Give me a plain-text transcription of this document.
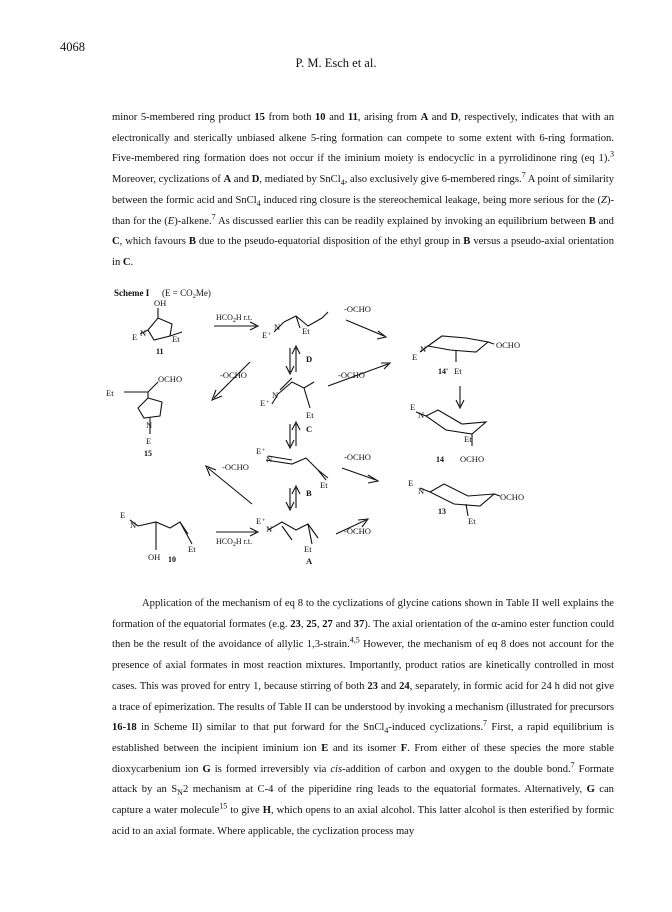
4068
P. M. Esch et al.

minor 5-membered ring product 15 from both 10 and 11, arising from A and D, respectively, indicates that with an electronically and sterically unbiased alkene 5-ring formation can compete to some extent with 6-ring formation. Five-membered ring formation does not occur if the iminium moiety is endocyclic in a pyrrolidinone ring (eq 1).$^3$ Moreover, cyclizations of A and D, mediated by SnCl$_4$, also exclusively give 6-membered rings.$^7$ A point of similarity between the formic acid and SnCl$_4$ induced ring closure is the stereochemical leakage, being more serious for the (Z)- than for the (E)-alkene.$^7$ As discussed earlier this can be readily explained by invoking an equilibrium between B and C, which favours B due to the pseudo-equatorial disposition of the ethyl group in B versus a pseudo-axial orientation in C.

Scheme I $(E = CO_2Me)$
OH
E N
Et
11
$HCO_2H$ r.t.
E +
N	Et
D
-OCHO
E
N	OCHO
14' Et
-OCHO
OCHO
Et
N
E
15
E +
N
Et
C
-OCHO
E
N
Et
OCHO
14
E +
N
Et
B
-OCHO
-OCHO
E
N
OCHO
Et
13
E
N
OH
Et
10
$HCO_2H$ r.t.
E +
N
Et
A
-OCHO

Application of the mechanism of eq 8 to the cyclizations of glycine cations shown in Table II well explains the formation of the equatorial formates (e.g. 23, 25, 27 and 37). The axial orientation of the α-amino ester function could then be the result of the avoidance of allylic 1,3-strain.$^{4,5}$ However, the mechanism of eq 8 does not account for the presence of axial formates in most reaction mixtures. Importantly, product ratios are kinetically controlled in most cases. This was proved for entry 1, because stirring of both 23 and 24, separately, in formic acid for 24 h did not give a trace of epimerization. The results of Table II can be understood by invoking a mechanism (illustrated for precursors 16-18 in Scheme II) similar to that put forward for the SnCl$_4$-induced cyclizations.$^7$ First, a rapid equilibrium is established between the incipient iminium ion E and its isomer F. From either of these species the more stable dioxycarbenium ion G is formed irreversibly via cis-addition of carbon and oxygen to the double bond.$^7$ Formate attack by an $S_N2$ mechanism at C-4 of the piperidine ring leads to the equatorial formates. Alternatively, G can capture a water molecule$^{15}$ to give H, which opens to an axial alcohol. This latter alcohol is then esterified by formic acid to an axial formate. Where applicable, the cyclization process may
